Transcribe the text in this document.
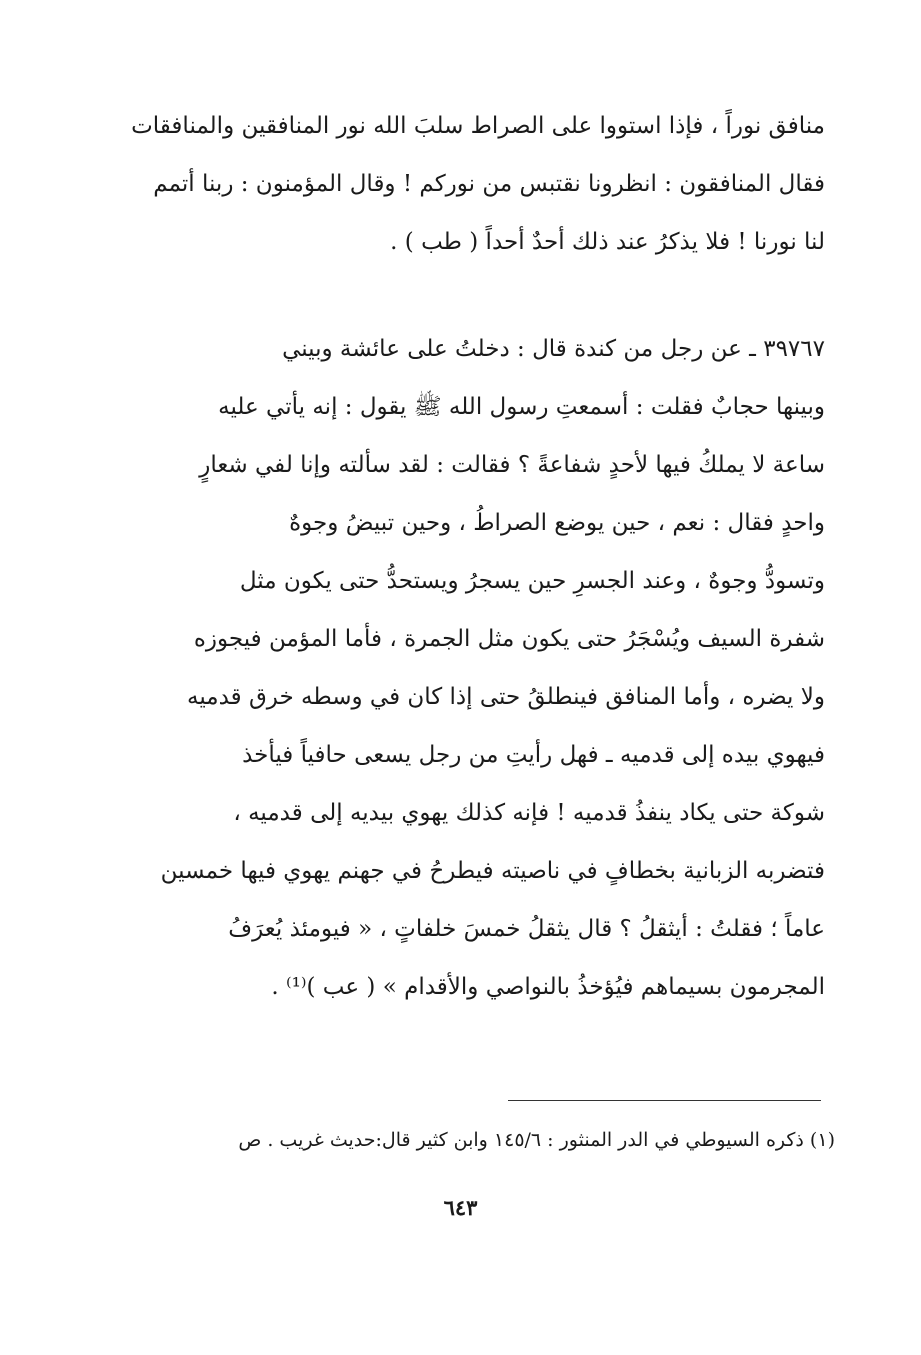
منافق نوراً ، فإذا استووا على الصراط سلبَ الله نور المنافقين والمنافقات
فقال المنافقون : انظرونا نقتبس من نوركم ! وقال المؤمنون : ربنا أتمم
لنا نورنا ! فلا يذكرُ عند ذلك أحدٌ أحداً ( طب ) .
٣٩٧٦٧ ـ عن رجل من كندة قال : دخلتُ على عائشة وبيني
وبينها حجابٌ فقلت : أسمعتِ رسول الله ﷺ يقول : إنه يأتي عليه
ساعة لا يملكُ فيها لأحدٍ شفاعةً ؟ فقالت : لقد سألته وإنا لفي شعارٍ
واحدٍ فقال : نعم ، حين يوضع الصراطُ ، وحين تبيضُ وجوهٌ
وتسودُّ وجوهٌ ، وعند الجسرِ حين يسجرُ ويستحدُّ حتى يكون مثل
شفرة السيف ويُسْجَرُ حتى يكون مثل الجمرة ، فأما المؤمن فيجوزه
ولا يضره ، وأما المنافق فينطلقُ حتى إذا كان في وسطه خرق قدميه
فيهوي بيده إلى قدميه ـ فهل رأيتِ من رجل يسعى حافياً فيأخذ
شوكة حتى يكاد ينفذُ قدميه ! فإنه كذلك يهوي بيديه إلى قدميه ،
فتضربه الزبانية بخطافٍ في ناصيته فيطرحُ في جهنم يهوي فيها خمسين
عاماً ؛ فقلتُ : أيثقلُ ؟ قال يثقلُ خمسَ خلفاتٍ ، « فيومئذ يُعرَفُ
المجرمون بسيماهم فيُؤخذُ بالنواصي والأقدام » ( عب )⁽¹⁾ .
(١) ذكره السيوطي في الدر المنثور : ١٤٥/٦ وابن كثير قال:حديث غريب . ص
٦٤٣
